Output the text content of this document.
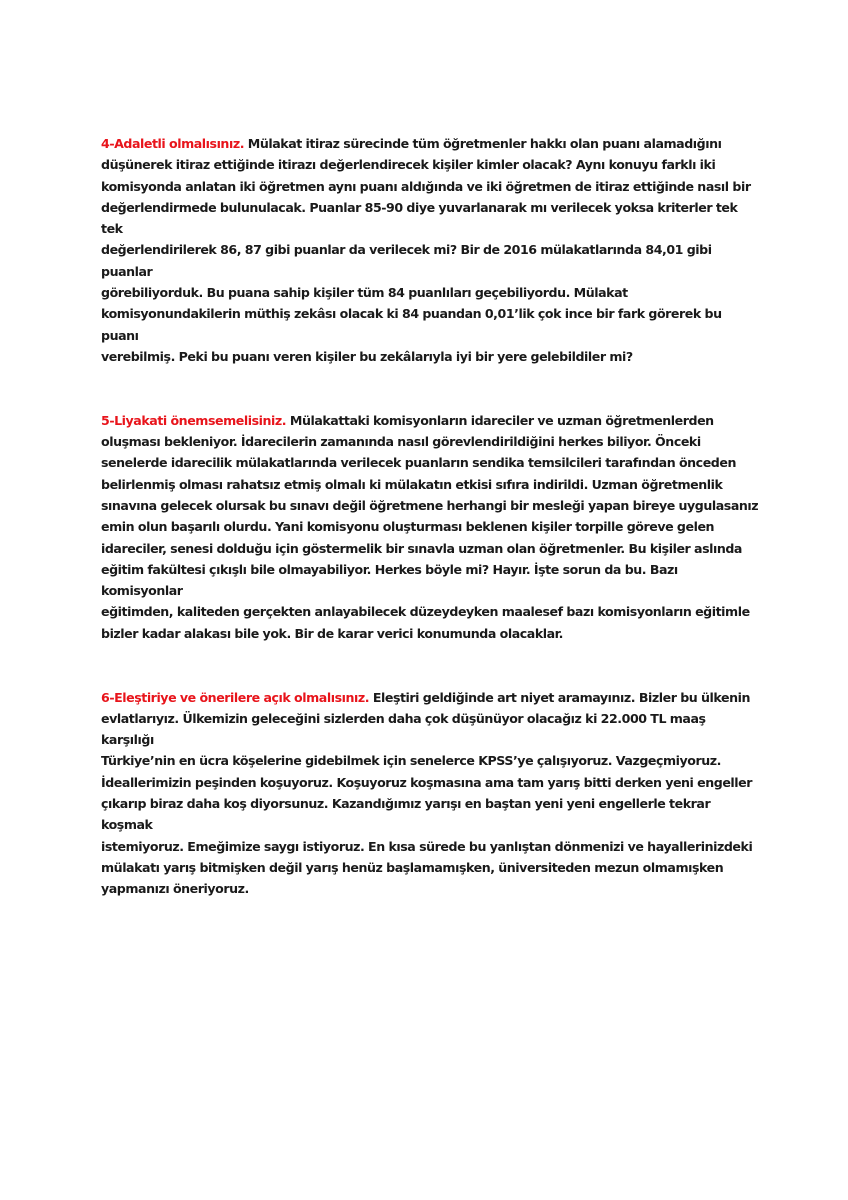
4-Adaletli olmalısınız. Mülakat itiraz sürecinde tüm öğretmenler hakkı olan puanı alamadığını
düşünerek itiraz ettiğinde itirazı değerlendirecek kişiler kimler olacak? Aynı konuyu farklı iki
komisyonda anlatan iki öğretmen aynı puanı aldığında ve iki öğretmen de itiraz ettiğinde nasıl bir
değerlendirmede bulunulacak. Puanlar 85-90 diye yuvarlanarak mı verilecek yoksa kriterler tek tek
değerlendirilerek 86, 87 gibi puanlar da verilecek mi? Bir de 2016 mülakatlarında 84,01 gibi puanlar
görebiliyorduk. Bu puana sahip kişiler tüm 84 puanlıları geçebiliyordu. Mülakat
komisyonundakilerin müthiş zekâsı olacak ki 84 puandan 0,01’lik çok ince bir fark görerek bu puanı
verebilmiş. Peki bu puanı veren kişiler bu zekâlarıyla iyi bir yere gelebildiler mi?

5-Liyakati önemsemelisiniz. Mülakattaki komisyonların idareciler ve uzman öğretmenlerden
oluşması bekleniyor. İdarecilerin zamanında nasıl görevlendirildiğini herkes biliyor. Önceki
senelerde idarecilik mülakatlarında verilecek puanların sendika temsilcileri tarafından önceden
belirlenmiş olması rahatsız etmiş olmalı ki mülakatın etkisi sıfıra indirildi. Uzman öğretmenlik
sınavına gelecek olursak bu sınavı değil öğretmene herhangi bir mesleği yapan bireye uygulasanız
emin olun başarılı olurdu. Yani komisyonu oluşturması beklenen kişiler torpille göreve gelen
idareciler, senesi dolduğu için göstermelik bir sınavla uzman olan öğretmenler. Bu kişiler aslında
eğitim fakültesi çıkışlı bile olmayabiliyor. Herkes böyle mi? Hayır. İşte sorun da bu. Bazı komisyonlar
eğitimden, kaliteden gerçekten anlayabilecek düzeydeyken maalesef bazı komisyonların eğitimle
bizler kadar alakası bile yok. Bir de karar verici konumunda olacaklar.

6-Eleştiriye ve önerilere açık olmalısınız. Eleştiri geldiğinde art niyet aramayınız. Bizler bu ülkenin
evlatlarıyız. Ülkemizin geleceğini sizlerden daha çok düşünüyor olacağız ki 22.000 TL maaş karşılığı
Türkiye’nin en ücra köşelerine gidebilmek için senelerce KPSS’ye çalışıyoruz. Vazgeçmiyoruz.
İdeallerimizin peşinden koşuyoruz. Koşuyoruz koşmasına ama tam yarış bitti derken yeni engeller
çıkarıp biraz daha koş diyorsunuz. Kazandığımız yarışı en baştan yeni yeni engellerle tekrar koşmak
istemiyoruz. Emeğimize saygı istiyoruz. En kısa sürede bu yanlıştan dönmenizi ve hayallerinizdeki
mülakatı yarış bitmişken değil yarış henüz başlamamışken, üniversiteden mezun olmamışken
yapmanızı öneriyoruz.
